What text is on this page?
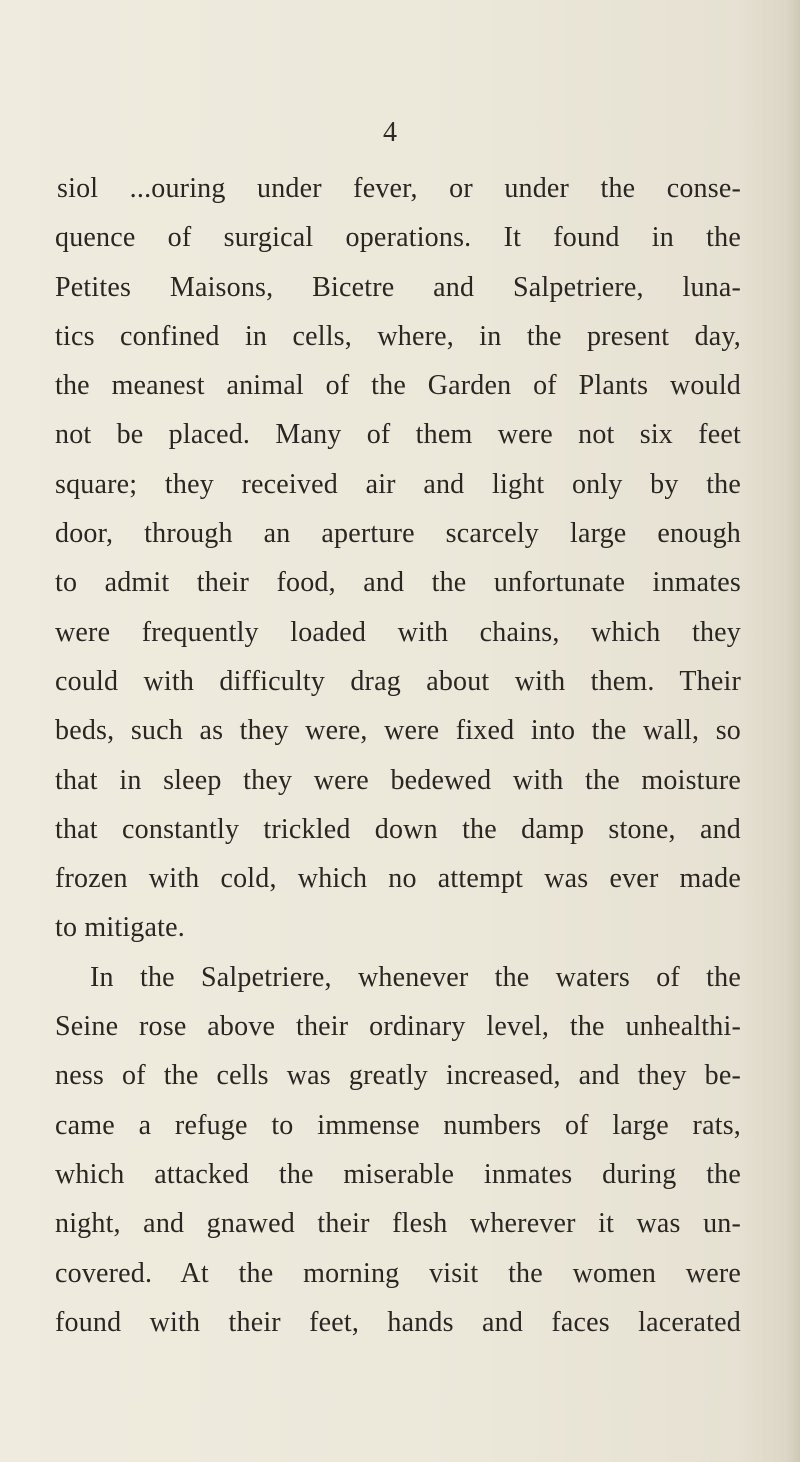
4
siol ...ouring under fever, or under the conse-
quence of surgical operations. It found in the
Petites Maisons, Bicetre and Salpetriere, luna-
tics confined in cells, where, in the present day,
the meanest animal of the Garden of Plants would
not be placed. Many of them were not six feet
square; they received air and light only by the
door, through an aperture scarcely large enough
to admit their food, and the unfortunate inmates
were frequently loaded with chains, which they
could with difficulty drag about with them. Their
beds, such as they were, were fixed into the wall, so
that in sleep they were bedewed with the moisture
that constantly trickled down the damp stone, and
frozen with cold, which no attempt was ever made
to mitigate.
In the Salpetriere, whenever the waters of the
Seine rose above their ordinary level, the unhealthi-
ness of the cells was greatly increased, and they be-
came a refuge to immense numbers of large rats,
which attacked the miserable inmates during the
night, and gnawed their flesh wherever it was un-
covered. At the morning visit the women were
found with their feet, hands and faces lacerated
